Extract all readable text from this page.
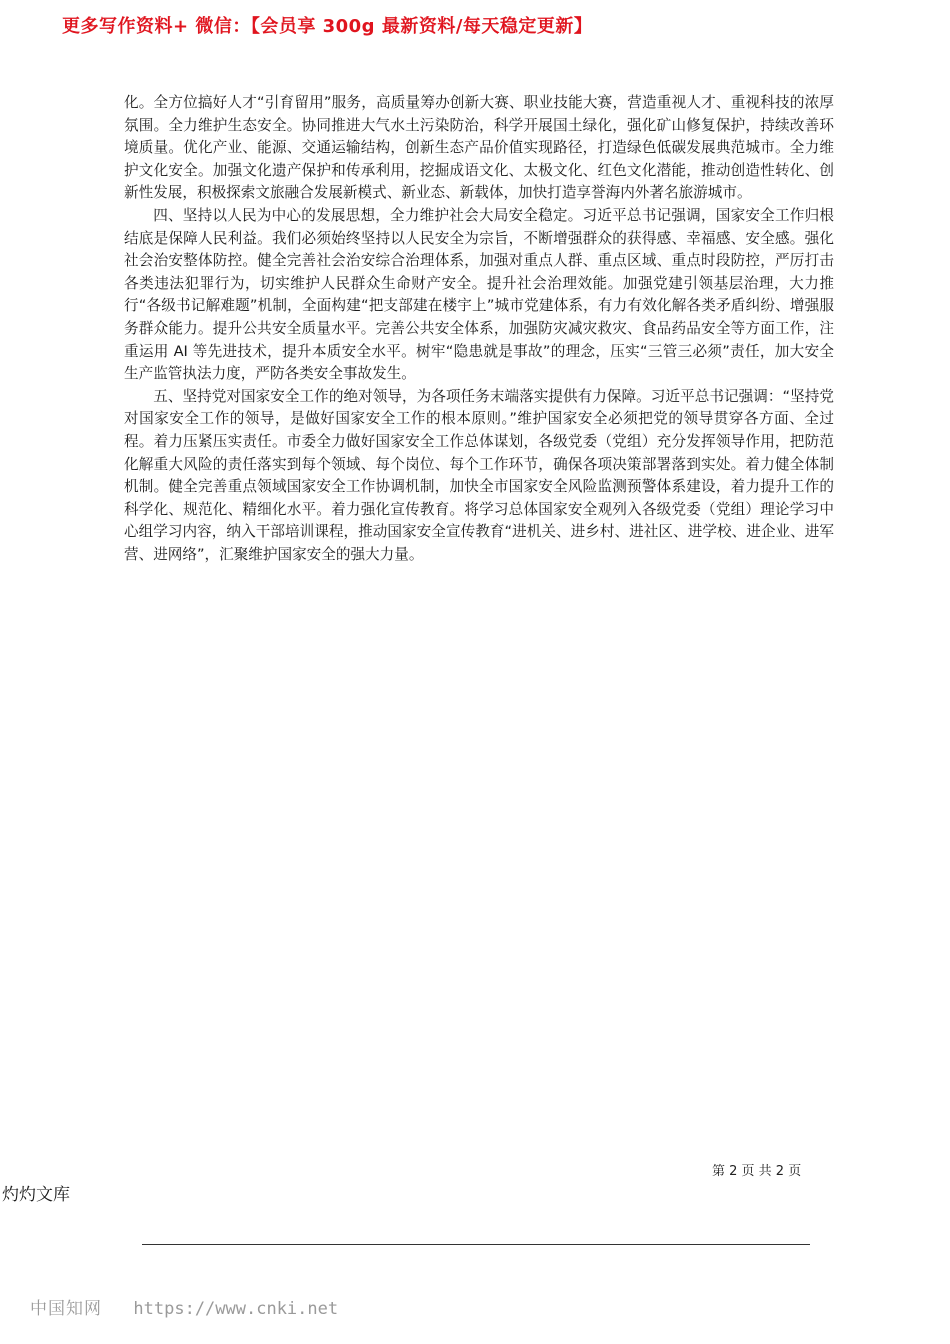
更多写作资料+ 微信：【会员享 300g 最新资料/每天稳定更新】

化。全方位搞好人才“引育留用”服务，高质量筹办创新大赛、职业技能大赛，营造重视人才、重视科技的浓厚氛围。全力维护生态安全。协同推进大气水土污染防治，科学开展国土绿化，强化矿山修复保护，持续改善环境质量。优化产业、能源、交通运输结构，创新生态产品价值实现路径，打造绿色低碳发展典范城市。全力维护文化安全。加强文化遗产保护和传承利用，挖掘成语文化、太极文化、红色文化潜能，推动创造性转化、创新性发展，积极探索文旅融合发展新模式、新业态、新载体，加快打造享誉海内外著名旅游城市。

四、坚持以人民为中心的发展思想，全力维护社会大局安全稳定。习近平总书记强调，国家安全工作归根结底是保障人民利益。我们必须始终坚持以人民安全为宗旨，不断增强群众的获得感、幸福感、安全感。强化社会治安整体防控。健全完善社会治安综合治理体系，加强对重点人群、重点区域、重点时段防控，严厉打击各类违法犯罪行为，切实维护人民群众生命财产安全。提升社会治理效能。加强党建引领基层治理，大力推行“各级书记解难题”机制，全面构建“把支部建在楼宇上”城市党建体系，有力有效化解各类矛盾纠纷、增强服务群众能力。提升公共安全质量水平。完善公共安全体系，加强防灾减灾救灾、食品药品安全等方面工作，注重运用 AI 等先进技术，提升本质安全水平。树牢“隐患就是事故”的理念，压实“三管三必须”责任，加大安全生产监管执法力度，严防各类安全事故发生。

五、坚持党对国家安全工作的绝对领导，为各项任务末端落实提供有力保障。习近平总书记强调：“坚持党对国家安全工作的领导，是做好国家安全工作的根本原则。”维护国家安全必须把党的领导贯穿各方面、全过程。着力压紧压实责任。市委全力做好国家安全工作总体谋划，各级党委（党组）充分发挥领导作用，把防范化解重大风险的责任落实到每个领域、每个岗位、每个工作环节，确保各项决策部署落到实处。着力健全体制机制。健全完善重点领域国家安全工作协调机制，加快全市国家安全风险监测预警体系建设，着力提升工作的科学化、规范化、精细化水平。着力强化宣传教育。将学习总体国家安全观列入各级党委（党组）理论学习中心组学习内容，纳入干部培训课程，推动国家安全宣传教育“进机关、进乡村、进社区、进学校、进企业、进军营、进网络”，汇聚维护国家安全的强大力量。

第 2 页 共 2 页
灼灼文库
中国知网 https://www.cnki.net
